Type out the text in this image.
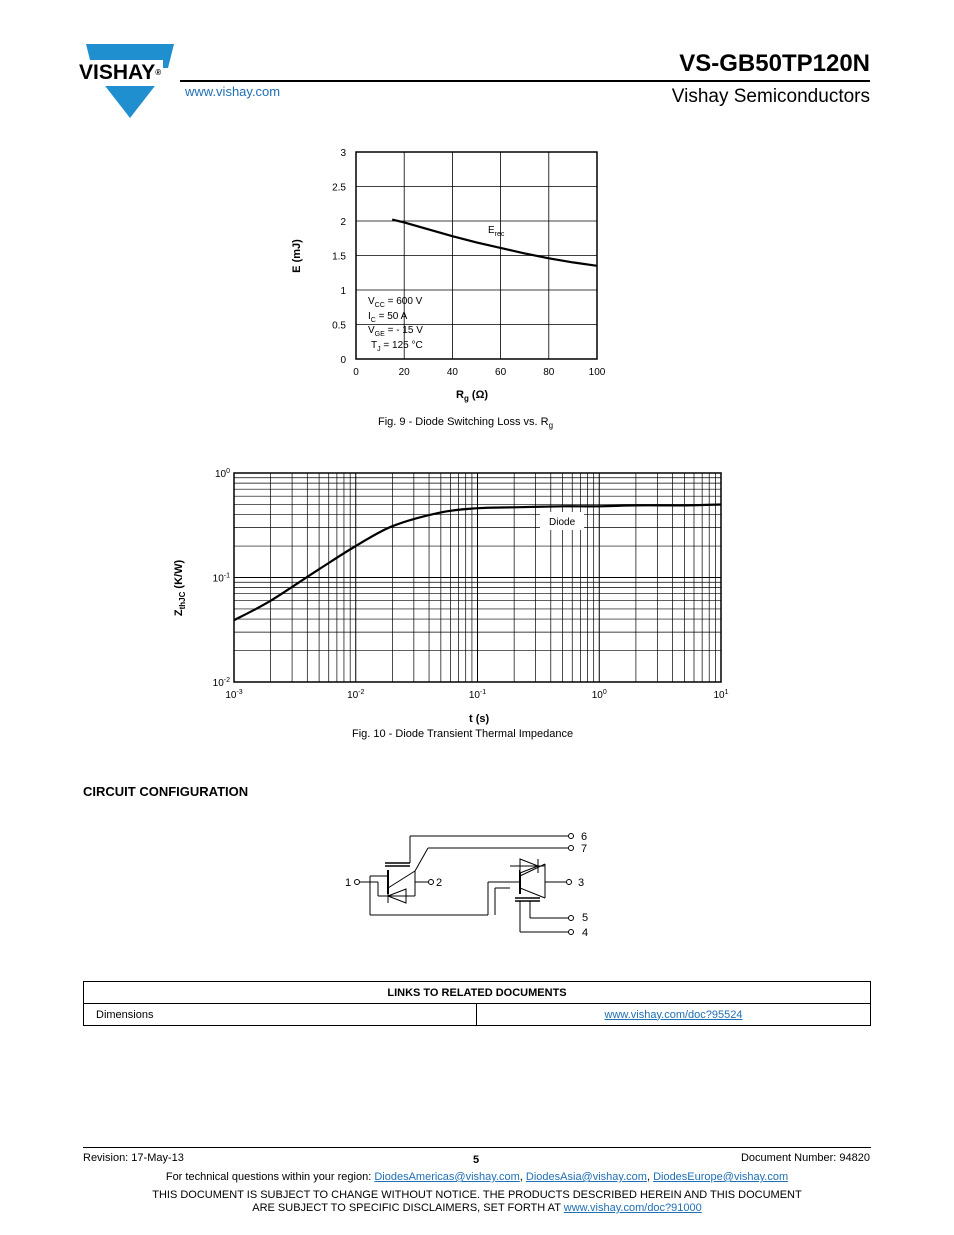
VISHAY®
www.vishay.com
VS-GB50TP120N
Vishay Semiconductors
0	20	40	60	80	100
0
0.5
1
1.5
2
2.5
3
$E_{rec}$
$V_{CC} = 600$ V
$I_C = 50$ A
$V_{GE}$ = - 15 V
$T_J = 125$ °C
E (mJ)
$R_g$ (Ω)
Fig. 9 - Diode Switching Loss vs. $R_g$
$10^{-3}$	$10^{-2}$	$10^{-1}$	$10^0$	$10^1$
$10^{-2}$
$10^{-1}$
$10^0$
Diode
$Z_{thJC}$ (K/W)
t (s)
Fig. 10 - Diode Transient Thermal Impedance
CIRCUIT CONFIGURATION
1	2	3
4
5
6
7
LINKS TO RELATED DOCUMENTS
Dimensions	www.vishay.com/doc?95524
Revision: 17-May-13	5	Document Number: 94820
For technical questions within your region: DiodesAmericas@vishay.com, DiodesAsia@vishay.com, DiodesEurope@vishay.com
THIS DOCUMENT IS SUBJECT TO CHANGE WITHOUT NOTICE. THE PRODUCTS DESCRIBED HEREIN AND THIS DOCUMENT
ARE SUBJECT TO SPECIFIC DISCLAIMERS, SET FORTH AT www.vishay.com/doc?91000
